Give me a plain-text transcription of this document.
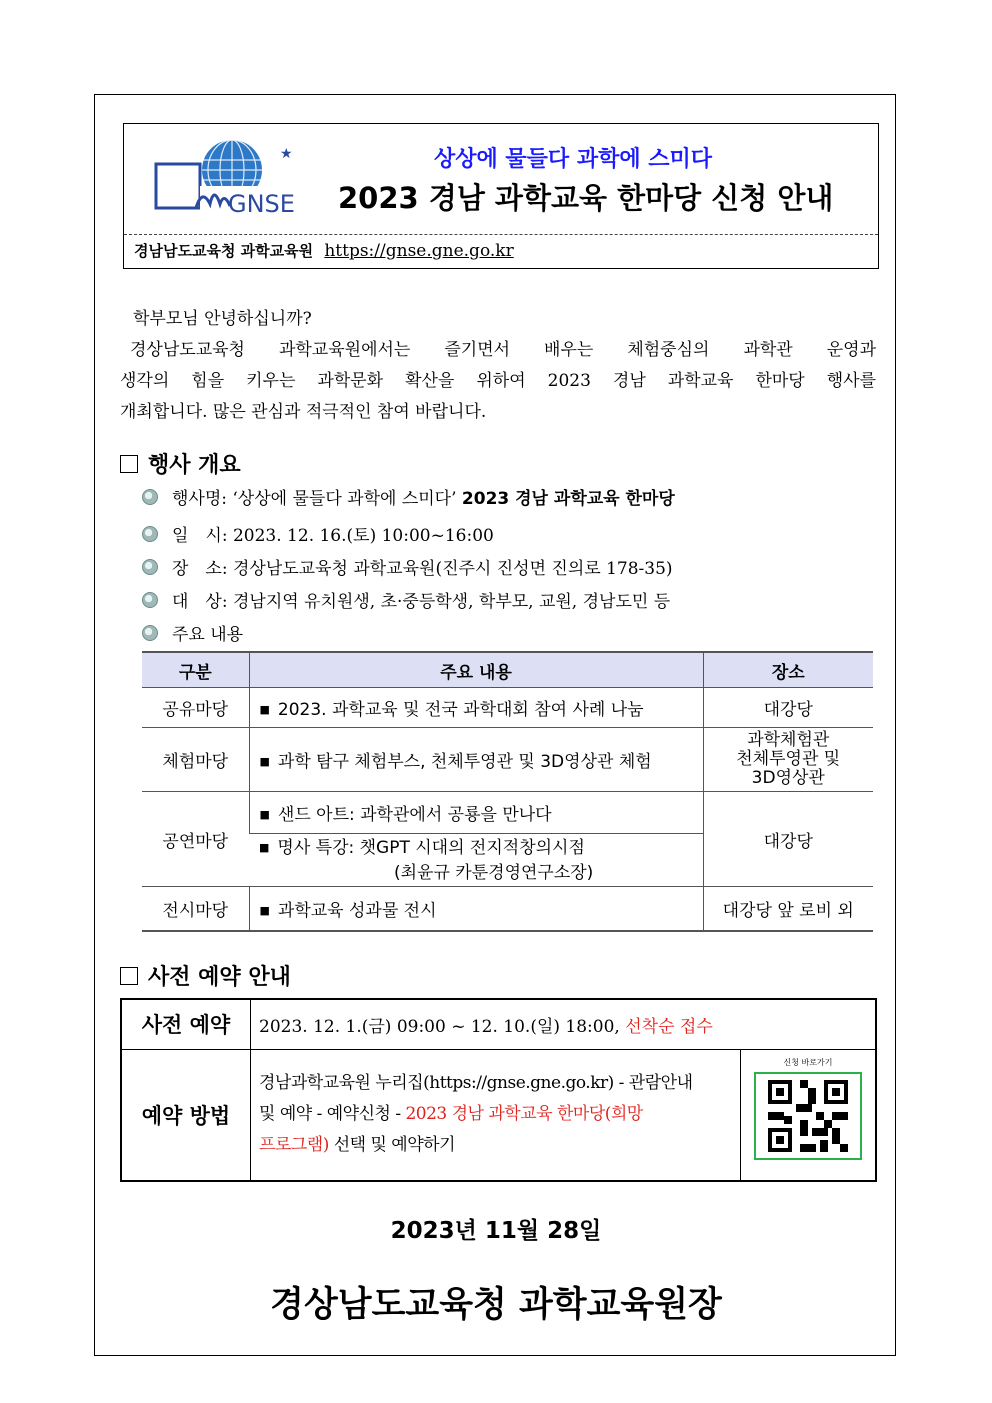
GNSE
★	상상에 물들다 과학에 스미다
2023 경남 과학교육 한마당 신청 안내
경남남도교육청 과학교육원 https://gnse.gne.go.kr
학부모님 안녕하십니까?
경상남도교육청 과학교육원에서는 즐기면서 배우는 체험중심의 과학관 운영과
생각의 힘을 키우는 과학문화 확산을 위하여 2023 경남 과학교육 한마당 행사를
개최합니다. 많은 관심과 적극적인 참여 바랍니다.
행사 개요
행사명:
‘상상에 물들다 과학에 스미다’
2023 경남 과학교육 한마당
일　시:
2023. 12. 16.(토) 10:00~16:00
장　소:
경상남도교육청 과학교육원(진주시 진성면 진의로 178-35)
대　상:
경남지역 유치원생, 초·중등학생, 학부모, 교원, 경남도민 등
주요 내용
구분	주요 내용	장소
공유마당	■ 2023. 과학교육 및 전국 과학대회 참여 사례 나눔	대강당
체험마당	■ 과학 탐구 체험부스, 천체투영관 및 3D영상관 체험	과학체험관
천체투영관 및
3D영상관

공연마당	■ 샌드 아트: 과학관에서 공룡을 만나다	대강당

	■ 명사 특강: 챗GPT 시대의 전지적창의시점
(최윤규 카툰경영연구소장)	

전시마당	■ 과학교육 성과물 전시	대강당 앞 로비 외
사전 예약 안내
사전 예약	2023. 12. 1.(금) 09:00 ~ 12. 10.(일) 18:00, 선착순 접수	
예약 방법	경남과학교육원 누리집(https://gnse.gne.go.kr) - 관람안내
및 예약 - 예약신청 - 2023 경남 과학교육 한마당(희망
프로그램) 선택 및 예약하기	신청 바로가기
2023년 11월 28일
경상남도교육청 과학교육원장
